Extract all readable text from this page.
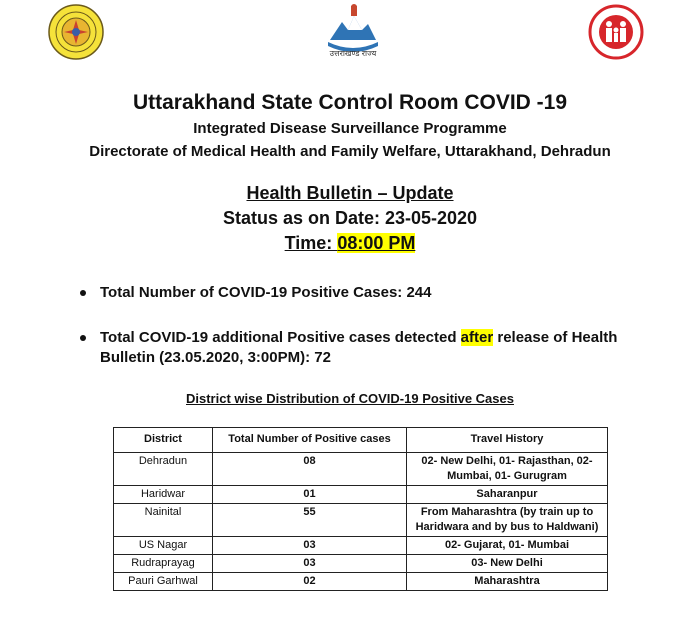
उत्तराखण्ड राज्य
Uttarakhand State Control Room COVID -19
Integrated Disease Surveillance Programme
Directorate of Medical Health and Family Welfare, Uttarakhand, Dehradun
Health Bulletin – Update
Status as on Date: 23-05-2020
Time: 08:00 PM
Total Number of COVID-19 Positive Cases: 244
Total COVID-19 additional Positive cases detected after release of Health Bulletin (23.05.2020, 3:00PM): 72
District wise Distribution of COVID-19 Positive Cases
District	Total Number of Positive cases	Travel History
Dehradun	08	02- New Delhi, 01- Rajasthan, 02- Mumbai, 01- Gurugram
Haridwar	01	Saharanpur
Nainital	55	From Maharashtra (by train up to Haridwara and by bus to Haldwani)
US Nagar	03	02- Gujarat, 01- Mumbai
Rudraprayag	03	03- New Delhi
Pauri Garhwal	02	Maharashtra
